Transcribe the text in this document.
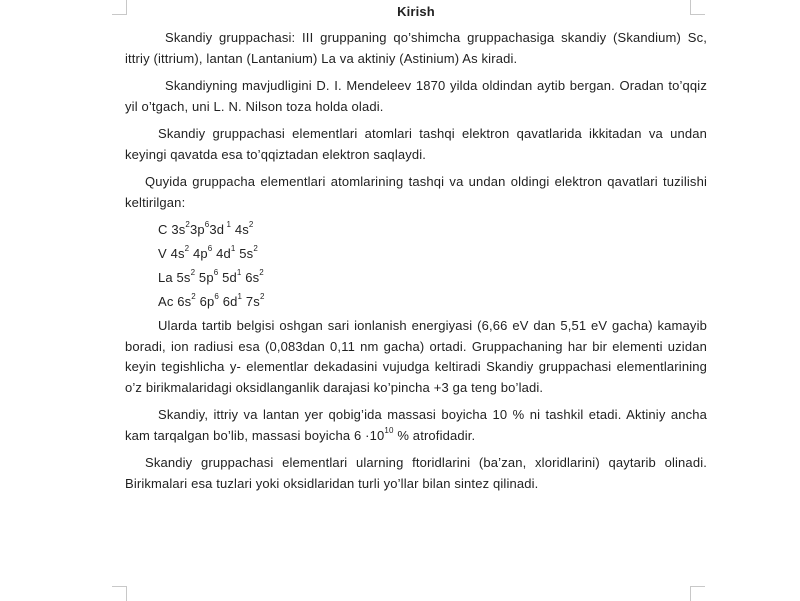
Kirish

Skandiy gruppachasi: III gruppaning qo’shimcha gruppachasiga skandiy (Skandium) Sc, ittriy (ittrium), lantan (Lantanium) La va aktiniy (Astinium) As kiradi.

Skandiyning mavjudligini D. I. Mendeleev 1870 yilda oldindan aytib bergan. Oradan to’qqiz yil o’tgach, uni L. N. Nilson toza holda oladi.

Skandiy gruppachasi elementlari atomlari tashqi elektron qavatlarida ikkitadan va undan keyingi qavatda esa to’qqiztadan elektron saqlaydi.

Quyida gruppacha elementlari atomlarining tashqi va undan oldingi elektron qavatlari tuzilishi keltirilgan:

C $3s^23p^63d$ $^1$ $4s^2$

V $4s^2$ $4p^6$ $4d^1$ $5s^2$

La $5s^2$ $5p^6$ $5d^1$ $6s^2$

Ac $6s^2$ $6p^6$ $6d^1$ $7s^2$

Ularda tartib belgisi oshgan sari ionlanish energiyasi (6,66 eV dan 5,51 eV gacha) kamayib boradi, ion radiusi esa (0,083dan 0,11 nm gacha) ortadi. Gruppachaning har bir elementi uzidan keyin tegishlicha y- elementlar dekadasini vujudga keltiradi Skandiy gruppachasi elementlarining o’z birikmalaridagi oksidlanganlik darajasi ko’pincha +3 ga teng bo’ladi.

Skandiy, ittriy va lantan yer qobig’ida massasi boyicha 10 % ni tashkil etadi. Aktiniy ancha kam tarqalgan bo’lib, massasi boyicha $6 \cdot 10^{10}$ % atrofidadir.

Skandiy gruppachasi elementlari ularning ftoridlarini (ba’zan, xloridlarini) qaytarib olinadi. Birikmalari esa tuzlari yoki oksidlaridan turli yo’llar bilan sintez qilinadi.
